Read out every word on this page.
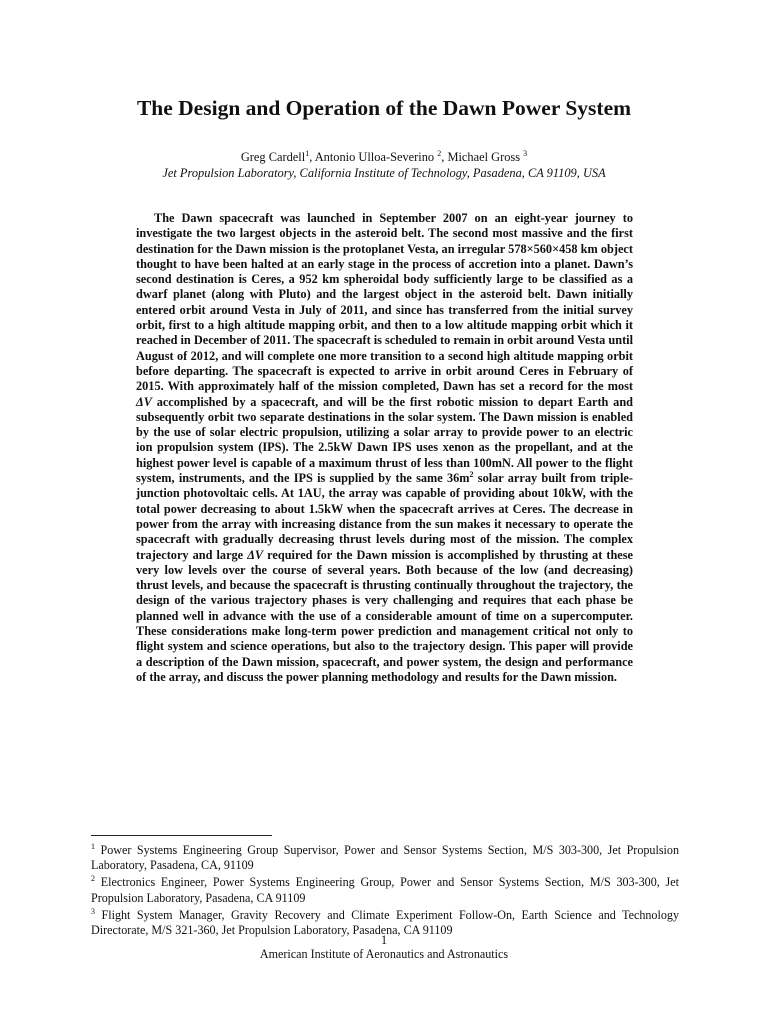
The Design and Operation of the Dawn Power System
Greg Cardell$^1$, Antonio Ulloa-Severino $^2$, Michael Gross $^3$
Jet Propulsion Laboratory, California Institute of Technology, Pasadena, CA 91109, USA

The Dawn spacecraft was launched in September 2007 on an eight-year journey to investigate the two largest objects in the asteroid belt. The second most massive and the first destination for the Dawn mission is the protoplanet Vesta, an irregular 578×560×458 km object thought to have been halted at an early stage in the process of accretion into a planet. Dawn’s second destination is Ceres, a 952 km spheroidal body sufficiently large to be classified as a dwarf planet (along with Pluto) and the largest object in the asteroid belt. Dawn initially entered orbit around Vesta in July of 2011, and since has transferred from the initial survey orbit, first to a high altitude mapping orbit, and then to a low altitude mapping orbit which it reached in December of 2011. The spacecraft is scheduled to remain in orbit around Vesta until August of 2012, and will complete one more transition to a second high altitude mapping orbit before departing. The spacecraft is expected to arrive in orbit around Ceres in February of 2015. With approximately half of the mission completed, Dawn has set a record for the most ΔV accomplished by a spacecraft, and will be the first robotic mission to depart Earth and subsequently orbit two separate destinations in the solar system. The Dawn mission is enabled by the use of solar electric propulsion, utilizing a solar array to provide power to an electric ion propulsion system (IPS). The 2.5kW Dawn IPS uses xenon as the propellant, and at the highest power level is capable of a maximum thrust of less than 100mN. All power to the flight system, instruments, and the IPS is supplied by the same $36m^2$ solar array built from triple-junction photovoltaic cells. At 1AU, the array was capable of providing about 10kW, with the total power decreasing to about 1.5kW when the spacecraft arrives at Ceres. The decrease in power from the array with increasing distance from the sun makes it necessary to operate the spacecraft with gradually decreasing thrust levels during most of the mission. The complex trajectory and large ΔV required for the Dawn mission is accomplished by thrusting at these very low levels over the course of several years. Both because of the low (and decreasing) thrust levels, and because the spacecraft is thrusting continually throughout the trajectory, the design of the various trajectory phases is very challenging and requires that each phase be planned well in advance with the use of a considerable amount of time on a supercomputer. These considerations make long-term power prediction and management critical not only to flight system and science operations, but also to the trajectory design. This paper will provide a description of the Dawn mission, spacecraft, and power system, the design and performance of the array, and discuss the power planning methodology and results for the Dawn mission.

$^1$ Power Systems Engineering Group Supervisor, Power and Sensor Systems Section, M/S 303-300, Jet Propulsion Laboratory, Pasadena, CA, 91109

$^2$ Electronics Engineer, Power Systems Engineering Group, Power and Sensor Systems Section, M/S 303-300, Jet Propulsion Laboratory, Pasadena, CA 91109

$^3$ Flight System Manager, Gravity Recovery and Climate Experiment Follow-On, Earth Science and Technology Directorate, M/S 321-360, Jet Propulsion Laboratory, Pasadena, CA 91109

1
American Institute of Aeronautics and Astronautics
